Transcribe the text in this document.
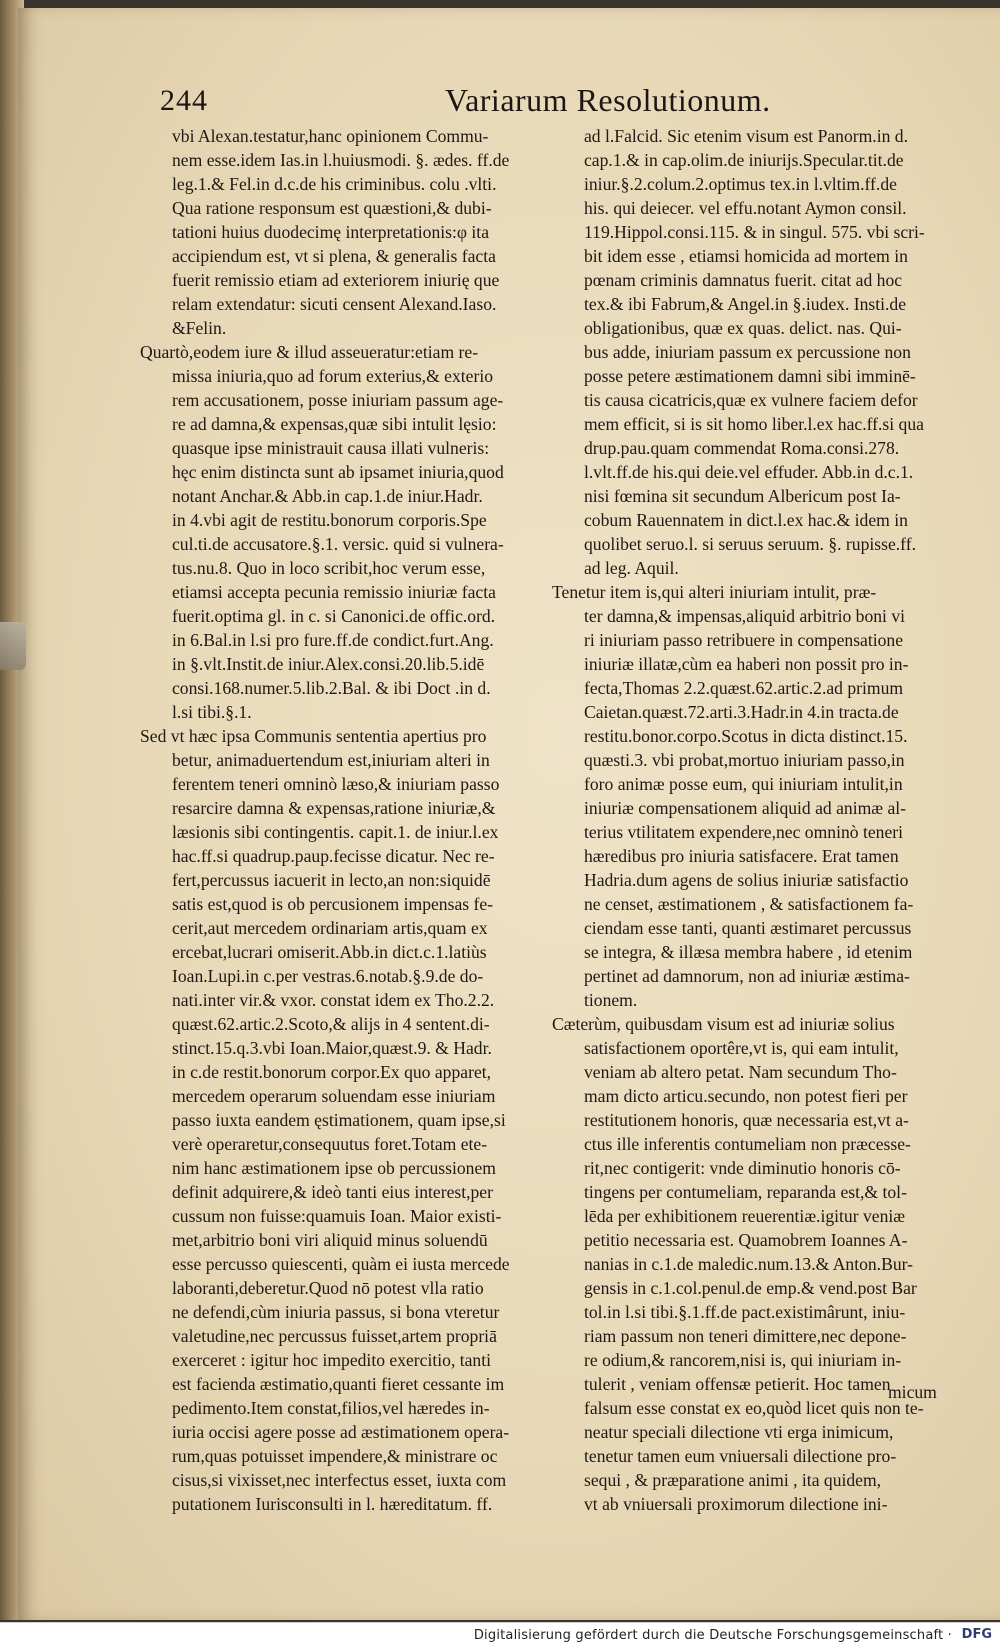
244	Variarum Resolutionum.
vbi Alexan.testatur,hanc opinionem Commu-
nem esse.idem Ias.in l.huiusmodi. §. ædes. ff.de
leg.1.& Fel.in d.c.de his criminibus. colu .vlti.
Qua ratione responsum est quæstioni,& dubi-
tationi huius duodecimę interpretationis:φ ita
accipiendum est, vt si plena, & generalis facta
fuerit remissio etiam ad exteriorem iniurię que
relam extendatur: sicuti censent Alexand.Iaso.
&Felin.
Quartò,eodem iure & illud asseueratur:etiam re-
missa iniuria,quo ad forum exterius,& exterio
rem accusationem, posse iniuriam passum age-
re ad damna,& expensas,quæ sibi intulit lęsio:
quasque ipse ministrauit causa illati vulneris:
hęc enim distincta sunt ab ipsamet iniuria,quod
notant Anchar.& Abb.in cap.1.de iniur.Hadr.
in 4.vbi agit de restitu.bonorum corporis.Spe
cul.ti.de accusatore.§.1. versic. quid si vulnera-
tus.nu.8. Quo in loco scribit,hoc verum esse,
etiamsi accepta pecunia remissio iniuriæ facta
fuerit.optima gl. in c. si Canonici.de offic.ord.
in 6.Bal.in l.si pro fure.ff.de condict.furt.Ang.
in §.vlt.Instit.de iniur.Alex.consi.20.lib.5.idē
consi.168.numer.5.lib.2.Bal. & ibi Doct .in d.
l.si tibi.§.1.
Sed vt hæc ipsa Communis sententia apertius pro
betur, animaduertendum est,iniuriam alteri in
ferentem teneri omninò læso,& iniuriam passo
resarcire damna & expensas,ratione iniuriæ,&
læsionis sibi contingentis. capit.1. de iniur.l.ex
hac.ff.si quadrup.paup.fecisse dicatur. Nec re-
fert,percussus iacuerit in lecto,an non:siquidē
satis est,quod is ob percusionem impensas fe-
cerit,aut mercedem ordinariam artis,quam ex
ercebat,lucrari omiserit.Abb.in dict.c.1.latiùs
Ioan.Lupi.in c.per vestras.6.notab.§.9.de do-
nati.inter vir.& vxor. constat idem ex Tho.2.2.
quæst.62.artic.2.Scoto,& alijs in 4 sentent.di-
stinct.15.q.3.vbi Ioan.Maior,quæst.9. & Hadr.
in c.de restit.bonorum corpor.Ex quo apparet,
mercedem operarum soluendam esse iniuriam
passo iuxta eandem ęstimationem, quam ipse,si
verè operaretur,consequutus foret.Totam ete-
nim hanc æstimationem ipse ob percussionem
definit adquirere,& ideò tanti eius interest,per
cussum non fuisse:quamuis Ioan. Maior existi-
met,arbitrio boni viri aliquid minus soluendū
esse percusso quiescenti, quàm ei iusta mercede
laboranti,deberetur.Quod nō potest vlla ratio
ne defendi,cùm iniuria passus, si bona vteretur
valetudine,nec percussus fuisset,artem propriā
exerceret : igitur hoc impedito exercitio, tanti
est facienda æstimatio,quanti fieret cessante im
pedimento.Item constat,filios,vel hæredes in-
iuria occisi agere posse ad æstimationem opera-
rum,quas potuisset impendere,& ministrare oc
cisus,si vixisset,nec interfectus esset, iuxta com
putationem Iurisconsulti in l. hæreditatum. ff.
ad l.Falcid. Sic etenim visum est Panorm.in d.
cap.1.& in cap.olim.de iniurijs.Specular.tit.de
iniur.§.2.colum.2.optimus tex.in l.vltim.ff.de
his. qui deiecer. vel effu.notant Aymon consil.
119.Hippol.consi.115. & in singul. 575. vbi scri-
bit idem esse , etiamsi homicida ad mortem in
pœnam criminis damnatus fuerit. citat ad hoc
tex.& ibi Fabrum,& Angel.in §.iudex. Insti.de
obligationibus, quæ ex quas. delict. nas. Qui-
bus adde, iniuriam passum ex percussione non
posse petere æstimationem damni sibi imminē-
tis causa cicatricis,quæ ex vulnere faciem defor
mem efficit, si is sit homo liber.l.ex hac.ff.si qua
drup.pau.quam commendat Roma.consi.278.
l.vlt.ff.de his.qui deie.vel effuder. Abb.in d.c.1.
nisi fœmina sit secundum Albericum post Ia-
cobum Rauennatem in dict.l.ex hac.& idem in
quolibet seruo.l. si seruus seruum. §. rupisse.ff.
ad leg. Aquil.
Tenetur item is,qui alteri iniuriam intulit, præ-
ter damna,& impensas,aliquid arbitrio boni vi
ri iniuriam passo retribuere in compensatione
iniuriæ illatæ,cùm ea haberi non possit pro in-
fecta,Thomas 2.2.quæst.62.artic.2.ad primum
Caietan.quæst.72.arti.3.Hadr.in 4.in tracta.de
restitu.bonor.corpo.Scotus in dicta distinct.15.
quæsti.3. vbi probat,mortuo iniuriam passo,in
foro animæ posse eum, qui iniuriam intulit,in
iniuriæ compensationem aliquid ad animæ al-
terius vtilitatem expendere,nec omninò teneri
hæredibus pro iniuria satisfacere. Erat tamen
Hadria.dum agens de solius iniuriæ satisfactio
ne censet, æstimationem , & satisfactionem fa-
ciendam esse tanti, quanti æstimaret percussus
se integra, & illæsa membra habere , id etenim
pertinet ad damnorum, non ad iniuriæ æstima-
tionem.
Cæterùm, quibusdam visum est ad iniuriæ solius
satisfactionem oportêre,vt is, qui eam intulit,
veniam ab altero petat. Nam secundum Tho-
mam dicto articu.secundo, non potest fieri per
restitutionem honoris, quæ necessaria est,vt a-
ctus ille inferentis contumeliam non præcesse-
rit,nec contigerit: vnde diminutio honoris cō-
tingens per contumeliam, reparanda est,& tol-
lēda per exhibitionem reuerentiæ.igitur veniæ
petitio necessaria est. Quamobrem Ioannes A-
nanias in c.1.de maledic.num.13.& Anton.Bur-
gensis in c.1.col.penul.de emp.& vend.post Bar
tol.in l.si tibi.§.1.ff.de pact.existimârunt, iniu-
riam passum non teneri dimittere,nec depone-
re odium,& rancorem,nisi is, qui iniuriam in-
tulerit , veniam offensæ petierit. Hoc tamen
falsum esse constat ex eo,quòd licet quis non te-
neatur speciali dilectione vti erga inimicum,
tenetur tamen eum vniuersali dilectione pro-
sequi , & præparatione animi , ita quidem,
vt ab vniuersali proximorum dilectione ini-
micum
Digitalisierung gefördert durch die Deutsche Forschungsgemeinschaft · DFG
